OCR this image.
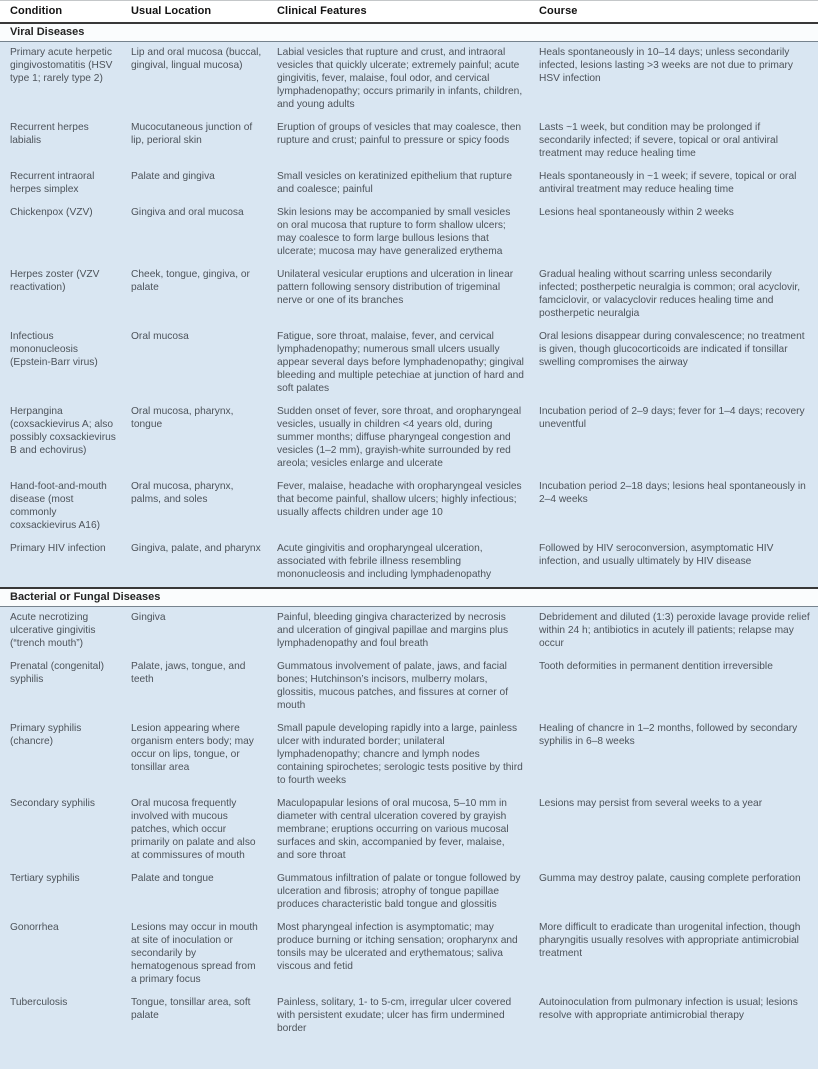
Condition	Usual Location	Clinical Features	Course
Viral Diseases			
Primary acute herpetic gingivostomatitis (HSV type 1; rarely type 2)	Lip and oral mucosa (buccal, gingival, lingual mucosa)	Labial vesicles that rupture and crust, and intraoral vesicles that quickly ulcerate; extremely painful; acute gingivitis, fever, malaise, foul odor, and cervical lymphadenopathy; occurs primarily in infants, children, and young adults	Heals spontaneously in 10–14 days; unless secondarily infected, lesions lasting >3 weeks are not due to primary HSV infection
Recurrent herpes labialis	Mucocutaneous junction of lip, perioral skin	Eruption of groups of vesicles that may coalesce, then rupture and crust; painful to pressure or spicy foods	Lasts ~1 week, but condition may be prolonged if secondarily infected; if severe, topical or oral antiviral treatment may reduce healing time
Recurrent intraoral herpes simplex	Palate and gingiva	Small vesicles on keratinized epithelium that rupture and coalesce; painful	Heals spontaneously in ~1 week; if severe, topical or oral antiviral treatment may reduce healing time
Chickenpox (VZV)	Gingiva and oral mucosa	Skin lesions may be accompanied by small vesicles on oral mucosa that rupture to form shallow ulcers; may coalesce to form large bullous lesions that ulcerate; mucosa may have generalized erythema	Lesions heal spontaneously within 2 weeks
Herpes zoster (VZV reactivation)	Cheek, tongue, gingiva, or palate	Unilateral vesicular eruptions and ulceration in linear pattern following sensory distribution of trigeminal nerve or one of its branches	Gradual healing without scarring unless secondarily infected; postherpetic neuralgia is common; oral acyclovir, famciclovir, or valacyclovir reduces healing time and postherpetic neuralgia
Infectious mononucleosis (Epstein-Barr virus)	Oral mucosa	Fatigue, sore throat, malaise, fever, and cervical lymphadenopathy; numerous small ulcers usually appear several days before lymphadenopathy; gingival bleeding and multiple petechiae at junction of hard and soft palates	Oral lesions disappear during convalescence; no treatment is given, though glucocorticoids are indicated if tonsillar swelling compromises the airway
Herpangina (coxsackievirus A; also possibly coxsackievirus B and echovirus)	Oral mucosa, pharynx, tongue	Sudden onset of fever, sore throat, and oropharyngeal vesicles, usually in children <4 years old, during summer months; diffuse pharyngeal congestion and vesicles (1–2 mm), grayish-white surrounded by red areola; vesicles enlarge and ulcerate	Incubation period of 2–9 days; fever for 1–4 days; recovery uneventful
Hand-foot-and-mouth disease (most commonly coxsackievirus A16)	Oral mucosa, pharynx, palms, and soles	Fever, malaise, headache with oropharyngeal vesicles that become painful, shallow ulcers; highly infectious; usually affects children under age 10	Incubation period 2–18 days; lesions heal spontaneously in 2–4 weeks
Primary HIV infection	Gingiva, palate, and pharynx	Acute gingivitis and oropharyngeal ulceration, associated with febrile illness resembling mononucleosis and including lymphadenopathy	Followed by HIV seroconversion, asymptomatic HIV infection, and usually ultimately by HIV disease
Bacterial or Fungal Diseases			
Acute necrotizing ulcerative gingivitis (“trench mouth”)	Gingiva	Painful, bleeding gingiva characterized by necrosis and ulceration of gingival papillae and margins plus lymphadenopathy and foul breath	Debridement and diluted (1:3) peroxide lavage provide relief within 24 h; antibiotics in acutely ill patients; relapse may occur
Prenatal (congenital) syphilis	Palate, jaws, tongue, and teeth	Gummatous involvement of palate, jaws, and facial bones; Hutchinson’s incisors, mulberry molars, glossitis, mucous patches, and fissures at corner of mouth	Tooth deformities in permanent dentition irreversible
Primary syphilis (chancre)	Lesion appearing where organism enters body; may occur on lips, tongue, or tonsillar area	Small papule developing rapidly into a large, painless ulcer with indurated border; unilateral lymphadenopathy; chancre and lymph nodes containing spirochetes; serologic tests positive by third to fourth weeks	Healing of chancre in 1–2 months, followed by secondary syphilis in 6–8 weeks
Secondary syphilis	Oral mucosa frequently involved with mucous patches, which occur primarily on palate and also at commissures of mouth	Maculopapular lesions of oral mucosa, 5–10 mm in diameter with central ulceration covered by grayish membrane; eruptions occurring on various mucosal surfaces and skin, accompanied by fever, malaise, and sore throat	Lesions may persist from several weeks to a year
Tertiary syphilis	Palate and tongue	Gummatous infiltration of palate or tongue followed by ulceration and fibrosis; atrophy of tongue papillae produces characteristic bald tongue and glossitis	Gumma may destroy palate, causing complete perforation
Gonorrhea	Lesions may occur in mouth at site of inoculation or secondarily by hematogenous spread from a primary focus	Most pharyngeal infection is asymptomatic; may produce burning or itching sensation; oropharynx and tonsils may be ulcerated and erythematous; saliva viscous and fetid	More difficult to eradicate than urogenital infection, though pharyngitis usually resolves with appropriate antimicrobial treatment
Tuberculosis	Tongue, tonsillar area, soft palate	Painless, solitary, 1- to 5-cm, irregular ulcer covered with persistent exudate; ulcer has firm undermined border	Autoinoculation from pulmonary infection is usual; lesions resolve with appropriate antimicrobial therapy
